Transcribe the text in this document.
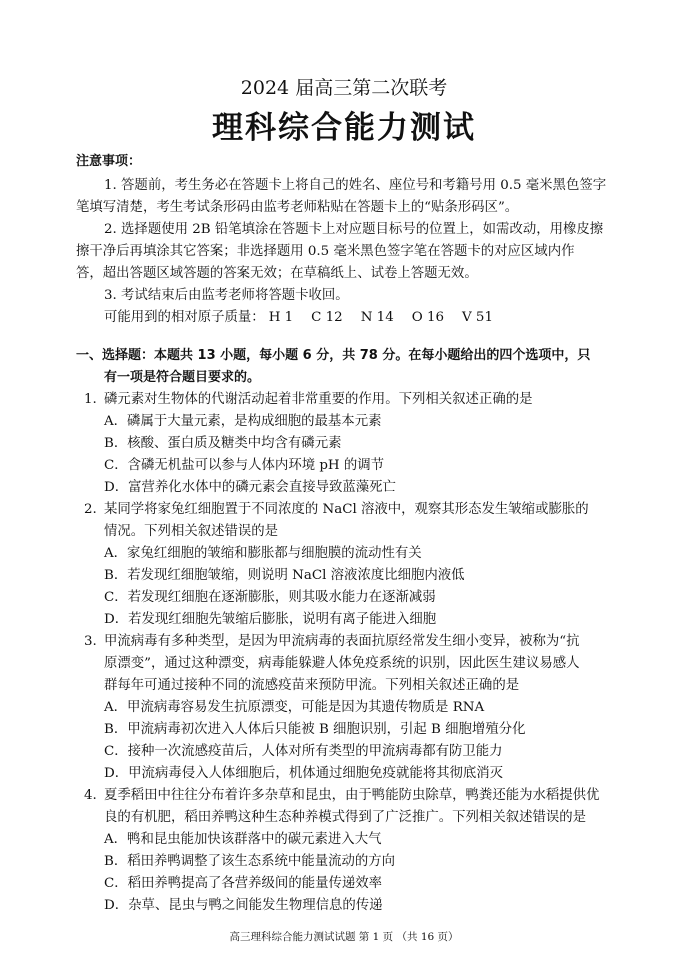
2024 届高三第二次联考
理科综合能力测试
注意事项：
1. 答题前，考生务必在答题卡上将自己的姓名、座位号和考籍号用 0.5 毫米黑色签字
笔填写清楚，考生考试条形码由监考老师粘贴在答题卡上的“贴条形码区”。
2. 选择题使用 2B 铅笔填涂在答题卡上对应题目标号的位置上，如需改动，用橡皮擦
擦干净后再填涂其它答案；非选择题用 0.5 毫米黑色签字笔在答题卡的对应区域内作
答，超出答题区域答题的答案无效；在草稿纸上、试卷上答题无效。
3. 考试结束后由监考老师将答题卡收回。
可能用到的相对原子质量： H 1 C 12 N 14 O 16 V 51
一、选择题：本题共 13 小题，每小题 6 分，共 78 分。在每小题给出的四个选项中，只
有一项是符合题目要求的。
1. 磷元素对生物体的代谢活动起着非常重要的作用。下列相关叙述正确的是
A．磷属于大量元素，是构成细胞的最基本元素
B．核酸、蛋白质及糖类中均含有磷元素
C．含磷无机盐可以参与人体内环境 pH 的调节
D．富营养化水体中的磷元素会直接导致蓝藻死亡
2. 某同学将家兔红细胞置于不同浓度的 NaCl 溶液中，观察其形态发生皱缩或膨胀的
情况。下列相关叙述错误的是
A．家兔红细胞的皱缩和膨胀都与细胞膜的流动性有关
B．若发现红细胞皱缩，则说明 NaCl 溶液浓度比细胞内液低
C．若发现红细胞在逐渐膨胀，则其吸水能力在逐渐减弱
D．若发现红细胞先皱缩后膨胀，说明有离子能进入细胞
3. 甲流病毒有多种类型，是因为甲流病毒的表面抗原经常发生细小变异，被称为“抗
原漂变”，通过这种漂变，病毒能躲避人体免疫系统的识别，因此医生建议易感人
群每年可通过接种不同的流感疫苗来预防甲流。下列相关叙述正确的是
A．甲流病毒容易发生抗原漂变，可能是因为其遗传物质是 RNA
B．甲流病毒初次进入人体后只能被 B 细胞识别，引起 B 细胞增殖分化
C．接种一次流感疫苗后，人体对所有类型的甲流病毒都有防卫能力
D．甲流病毒侵入人体细胞后，机体通过细胞免疫就能将其彻底消灭
4. 夏季稻田中往往分布着许多杂草和昆虫，由于鸭能防虫除草，鸭粪还能为水稻提供优
良的有机肥，稻田养鸭这种生态种养模式得到了广泛推广。下列相关叙述错误的是
A．鸭和昆虫能加快该群落中的碳元素进入大气
B．稻田养鸭调整了该生态系统中能量流动的方向
C．稻田养鸭提高了各营养级间的能量传递效率
D．杂草、昆虫与鸭之间能发生物理信息的传递
高三理科综合能力测试试题 第 1 页 （共 16 页）
